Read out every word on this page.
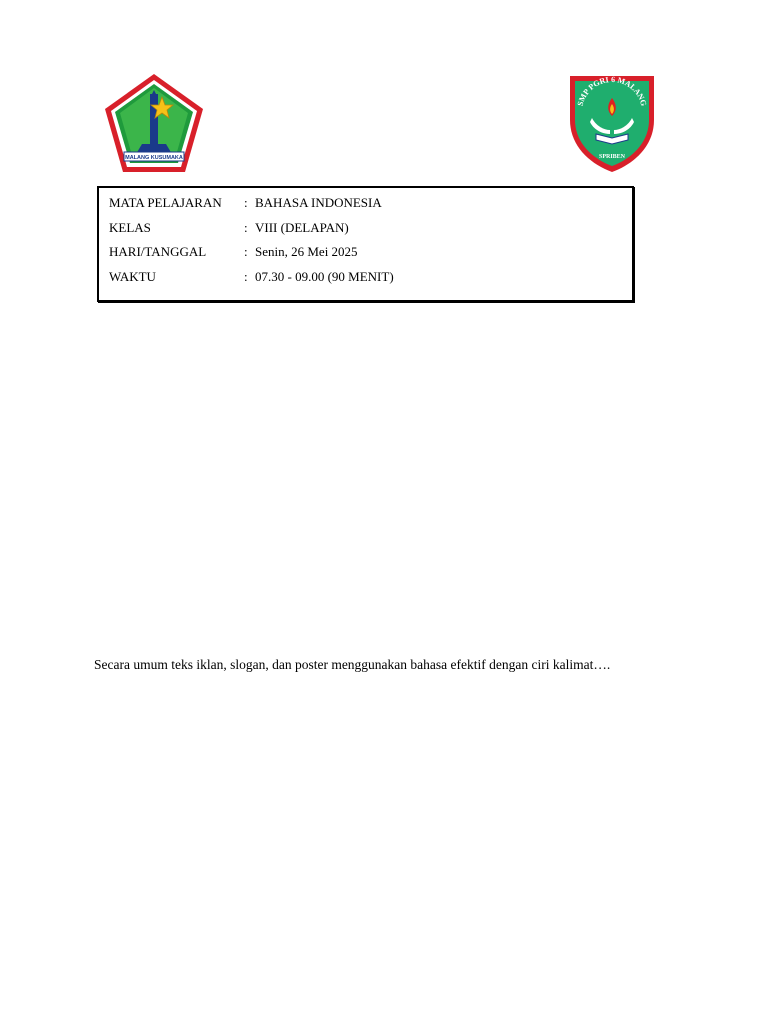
MALANG KUSUMAKA
SMP PGRI 6 MALANG
SPRIBEN
MATA PELAJARAN : BAHASA INDONESIA
KELAS	: VIII (DELAPAN)
HARI/TANGGAL	: Senin, 26 Mei 2025
WAKTU	: 07.30 - 09.00 (90 MENIT)
Secara umum teks iklan, slogan, dan poster menggunakan bahasa efektif dengan ciri kalimat….
